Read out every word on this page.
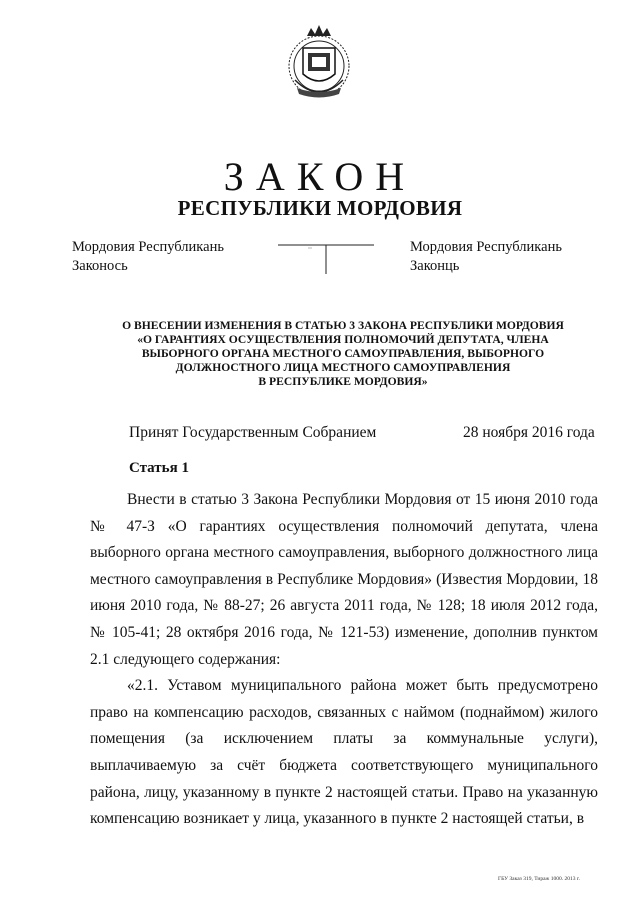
ЗАКОН
РЕСПУБЛИКИ МОРДОВИЯ
Мордовия Республикань
Законось
Мордовия Республикань
Законць
О ВНЕСЕНИИ ИЗМЕНЕНИЯ В СТАТЬЮ 3 ЗАКОНА РЕСПУБЛИКИ МОРДОВИЯ
«О ГАРАНТИЯХ ОСУЩЕСТВЛЕНИЯ ПОЛНОМОЧИЙ ДЕПУТАТА, ЧЛЕНА
ВЫБОРНОГО ОРГАНА МЕСТНОГО САМОУПРАВЛЕНИЯ, ВЫБОРНОГО
ДОЛЖНОСТНОГО ЛИЦА МЕСТНОГО САМОУПРАВЛЕНИЯ
В РЕСПУБЛИКЕ МОРДОВИЯ»
Принят Государственным Собранием	28 ноября 2016 года
Статья 1

Внести в статью 3 Закона Республики Мордовия от 15 июня 2010 года № 47-З «О гарантиях осуществления полномочий депутата, члена выборного органа местного самоуправления, выборного должностного лица местного самоуправления в Республике Мордовия» (Известия Мордовии, 18 июня 2010 года, № 88-27; 26 августа 2011 года, № 128; 18 июля 2012 года, № 105-41; 28 октября 2016 года, № 121-53) изменение, дополнив пунктом 2.1 следующего содержания:

«2.1. Уставом муниципального района может быть предусмотрено право на компенсацию расходов, связанных с наймом (поднаймом) жилого помещения (за исключением платы за коммунальные услуги), выплачиваемую за счёт бюджета соответствующего муниципального района, лицу, указанному в пункте 2 настоящей статьи. Право на указанную компенсацию возникает у лица, указанного в пункте 2 настоящей статьи, в

ГБУ Заказ 319, Тираж 1000. 2013 г.
